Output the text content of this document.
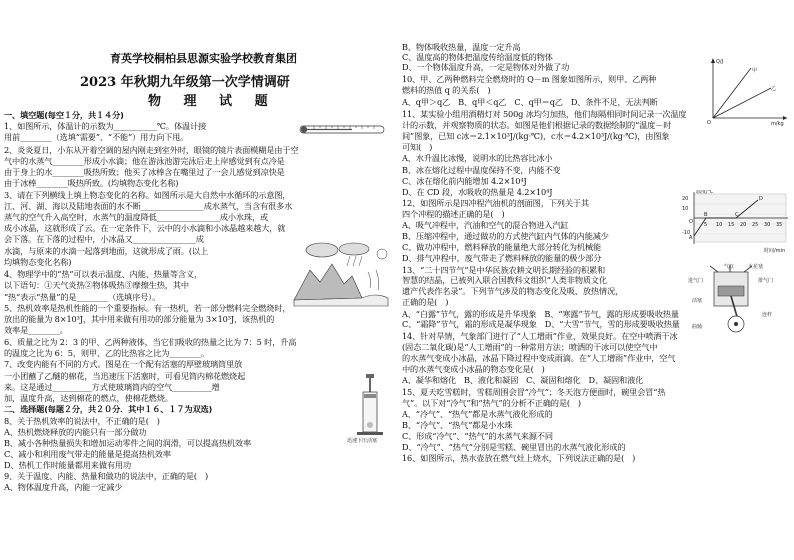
育英学校桐柏县思源实验学校教育集团
2023 年秋期九年级第一次学情调研
物 理 试 题
一、填空题(每空１分，共１４分)
1、如图所示，体温计的示数为___________℃。体温计接
用前________（选填“需要”、“不能”）用力向下甩。
2、炎炎夏日，小东从开着空调的屋内刚走到室外时，眼镜的镜片表面模糊是由于空
气中的水蒸气________形成小水滴；他在游泳池游完泳后走上岸感觉到有点冷是
由于身上的水________吸热所致；他买了冰棒含在嘴里过了一会儿感觉到凉快是
由于冰棒________吸热所致。(均填物态变化名称)
3、请在下列横线上填上物态变化的名称。如图所示是大自然中水循环的示意图，
江、河、湖、海以及陆地表面的水不断________________成水蒸气，当含有很多水
蒸气的空气升入高空时，水蒸气的温度降低________________成小水珠，或
成小冰晶，这就形成了云。在一定条件下，云中的小水滴和小冰晶越来越大，就
会下落。在下落的过程中，小冰晶又________________成
水滴，与原来的水滴一起落到地面，这就形成了雨。(以上
均填物态变化名称)
4、物理学中的“热”可以表示温度、内能、热量等含义，
以下语句：①天气炎热②物体吸热③摩擦生热，其中
“热”表示“热量”的是________（选填序号）。
5、热机效率是热机性能的一个重要指标。有一热机，若一部分燃料完全燃烧时，
放出的能量为 8×10³J，其中用来做有用功的部分能量为 3×10³J，该热机的
效率是________。
6、质量之比为 2：3 的甲、乙两种液体，当它们吸收的热量之比为 7：5 时，升高
的温度之比为 6：5，则甲、乙的比热容之比为________。
7、改变内能有不同的方式。图是在一个配有活塞的厚壁玻璃筒里放
一小团蘸了乙醚的棉花，当迅速压下活塞时，可看见筒内棉花燃烧起
来。这是通过__________方式使玻璃筒内的空气__________增
加，温度升高，达到棉花的燃点，使棉花燃烧。
二、选择题(每题２分，共２０分．其中１６、１７为双选)
8、关于热机效率的说法中，不正确的是(　)
A、热机燃烧释放的内能只有一部分做功
B、减小各种热量损失和增加运动零件之间的润滑，可以提高热机效率
C、减小和利用废气带走的能量是提高热机效率
D、热机工作时能量都用来做有用功
9、关于温度、内能、热量和做功的说法中，正确的是(　)
A、物体温度升高，内能一定减少
迅速下压活塞
B、物体吸收热量，温度一定升高
C、温度高的物体把温度传给温度低的物体
D、一个物体温度升高，一定是物体对外做了功
10、甲、乙两种燃料完全燃烧时的 Q－m 图象如图所示，则甲、乙两种
燃料的热值 q 的关系(　)
A、q甲＞q乙　B、q甲＜q乙　C、q甲＝q乙　D、条件不足，无法判断
11、某实验小组用酒精灯对 500g 冰均匀加热，他们每隔相同时间记录一次温度
计的示数，并观察物质的状态。如图是他们根据记录的数据绘制的“温度－时
间”图象，已知 c冰＝2.1×10³J/(kg·℃)，c水＝4.2×10³J/(kg·℃)，由图象
可知(　)
A、水升温比冰慢，说明水的比热容比冰小
B、冰在熔化过程中温度保持不变，内能不变
C、冰在熔化前内能增加 4.2×10⁴J
D、在 CD 段，水吸收的热量是 4.2×10⁴J
12、如图所示是四冲程汽油机的剖面图，下列关于其
四个冲程的描述正确的是(　)
A、吸气冲程中，汽油和空气的混合物进入汽缸
B、压缩冲程中，通过做功的方式使汽缸内气体的内能减少
C、做功冲程中，燃料释放的能量绝大部分转化为机械能
D、排气冲程中，废气带走了燃料释放的能量的极少部分
13、“二十四节气”是中华民族农耕文明长期经验的积累和
智慧的结晶，已被列入联合国教科文组织“人类非物质文化
遗产代表作名录”。下列节气涉及的物态变化及吸、放热情况，
正确的是(　)
A、“白露”节气，露的形成是升华现象　B、“寒露”节气，露的形成要吸收热量
C、“霜降”节气，霜的形成是凝华现象　D、“大雪”节气，雪的形成要吸收热量
14、针对旱情，气象部门进行了“人工增雨”作业，效果良好。在空中喷洒干冰
(固态二氧化碳)是“人工增雨”的一种常用方法；喷洒的干冰可以使空气中
的水蒸气变成小冰晶，冰晶下降过程中变成雨滴。在“人工增雨”作业中，空气
中的水蒸气变成小冰晶的物态变化是(　)
A、凝华和熔化　B、液化和凝固　C、凝固和熔化　D、凝固和液化
15、夏天吃雪糕时，雪糕周围会冒“冷气”；冬天泡方便面时，碗里会冒“热
气”。以下对“冷气”和“热气”的分析不正确的是(　)
A、“冷气”、“热气”都是水蒸气液化形成的
B、“冷气”、“热气”都是小水珠
C、形成“冷气”、“热气”的水蒸气来源不同
D、“冷气”、“热气”分别是雪糕、碗里冒出的水蒸气液化形成的
16、如图所示，热水壶放在燃气灶上烧水，下列说法正确的是(　)
Q/J
m/kg
O
甲
乙
温度/℃
时间/min
O
A
B	C
D
20
10
-10
5 10 15 20 25 30 35
气缸	火花塞
进气门	排气门
活塞
连杆
曲轴
